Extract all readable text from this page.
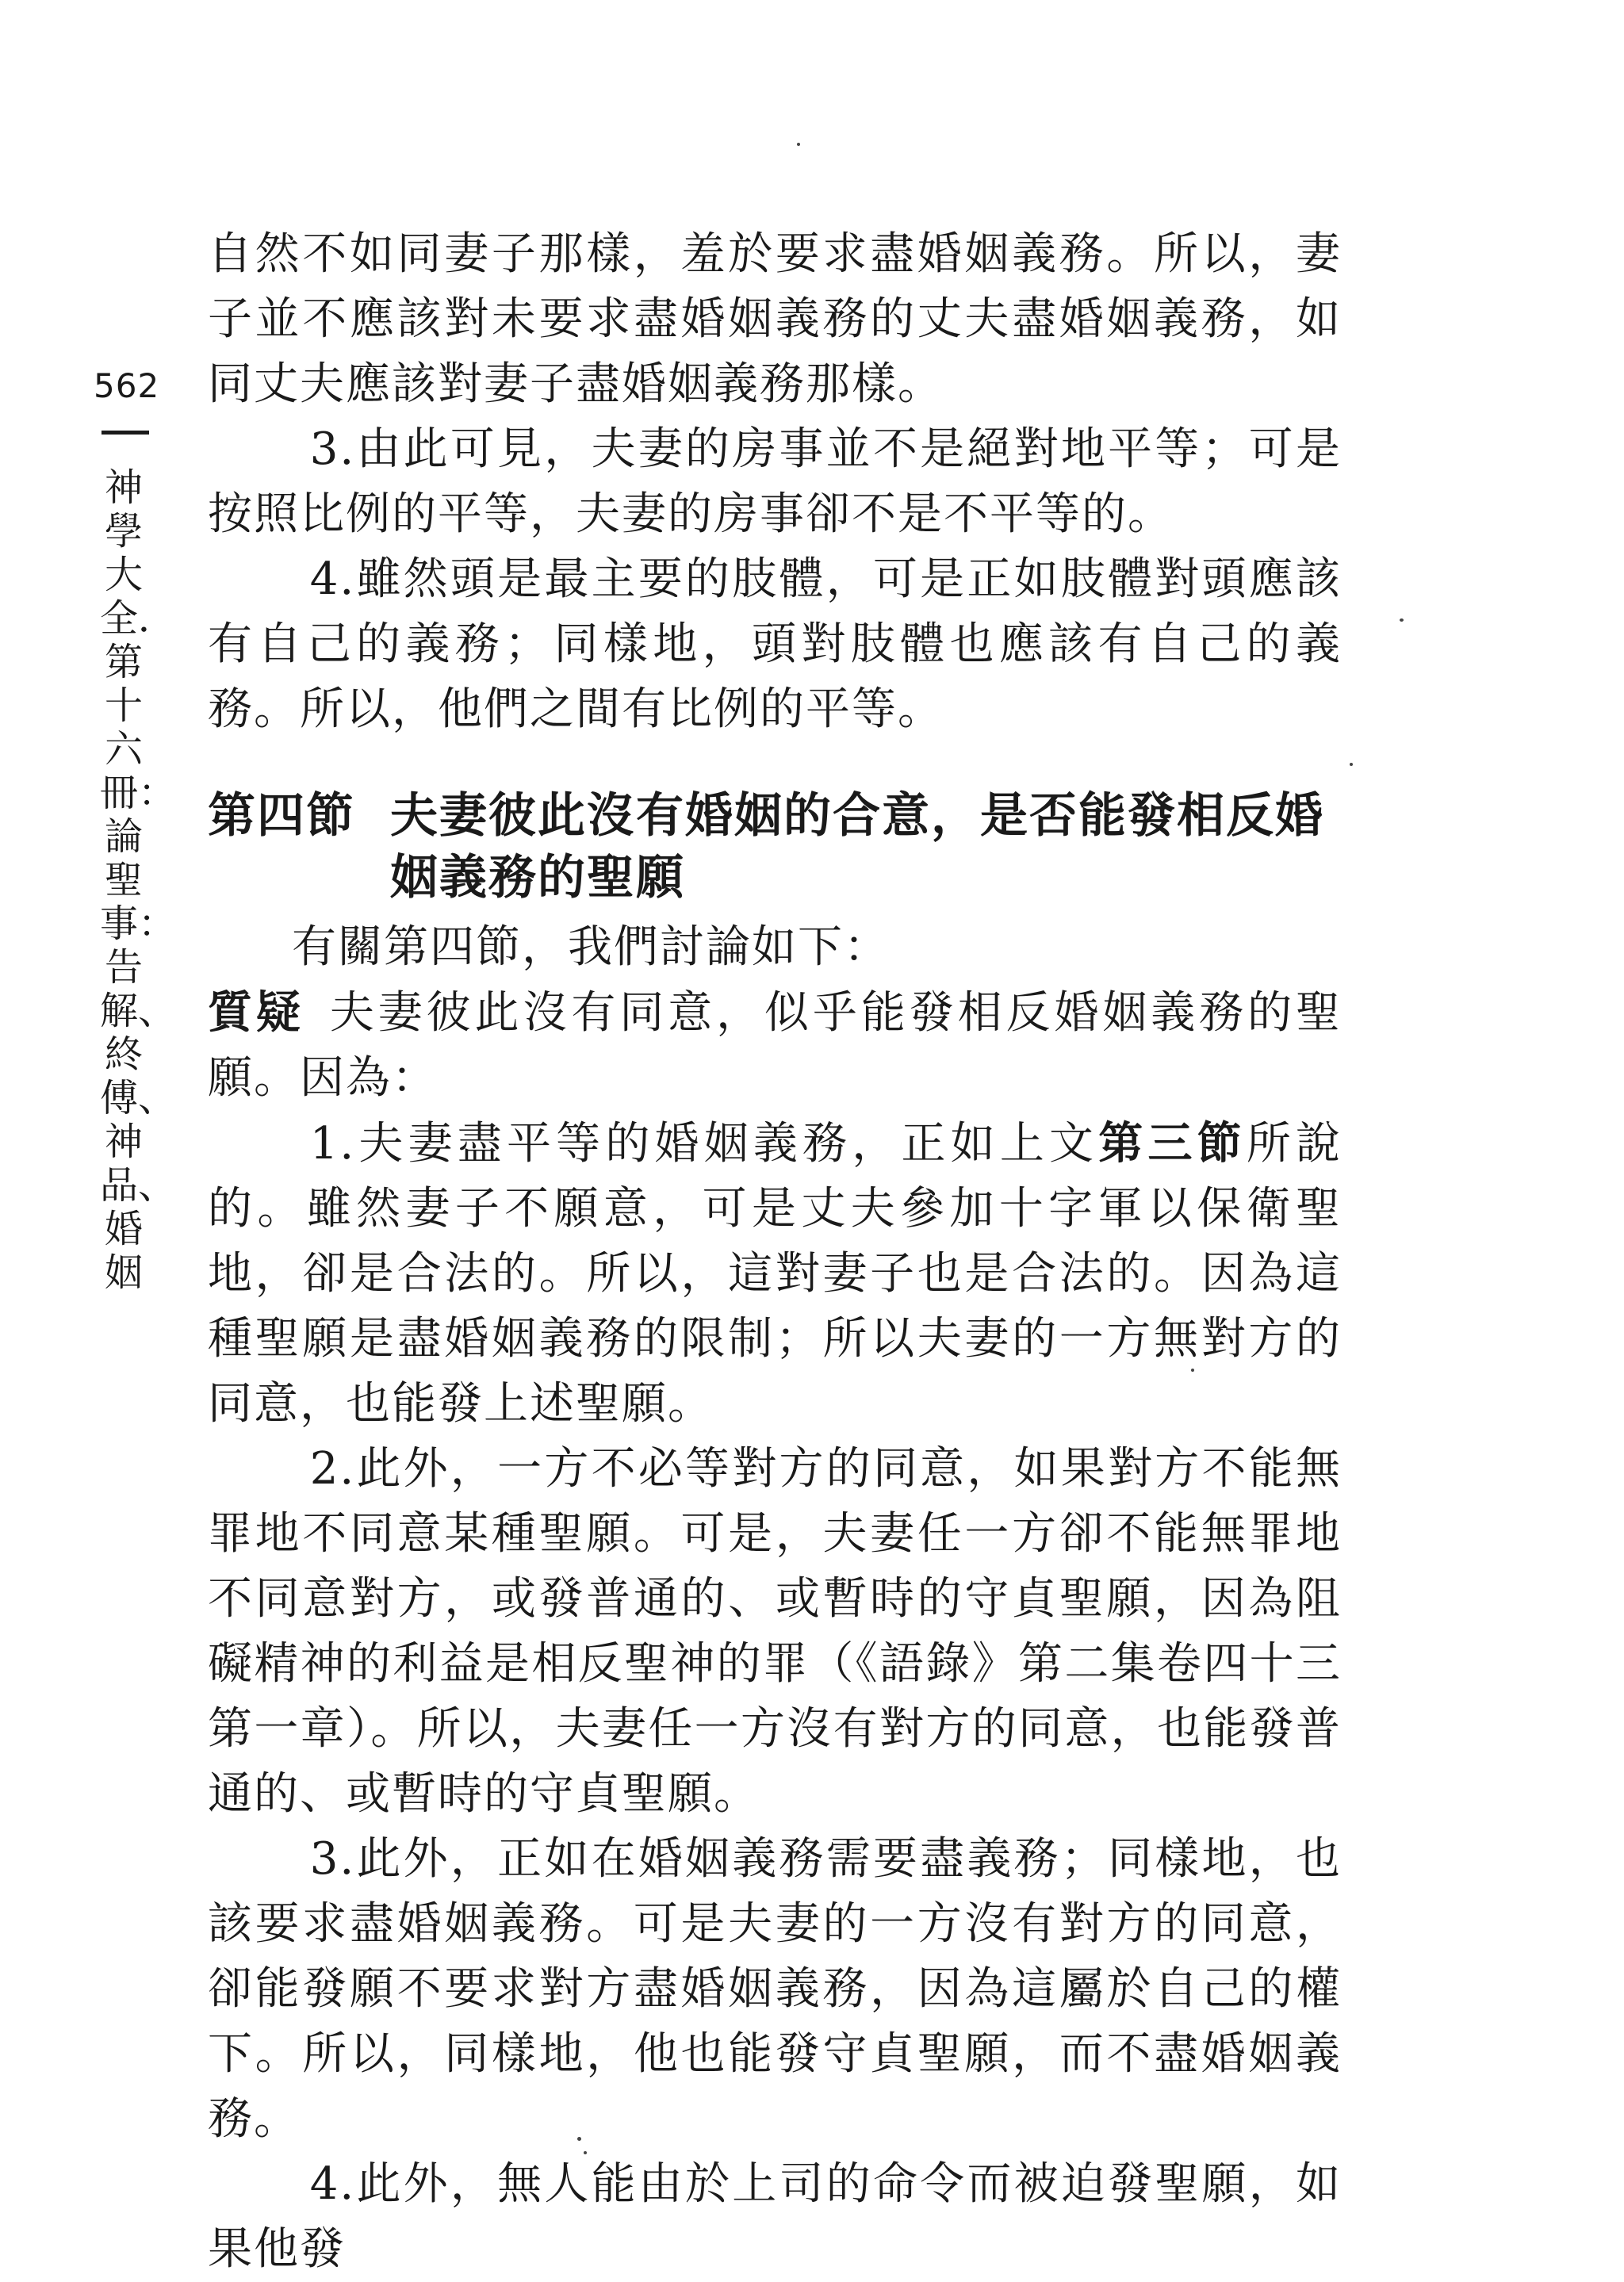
562
神學大全．第十六冊：論聖事：告解、終傅、神品、婚姻

自然不如同妻子那樣，羞於要求盡婚姻義務。所以，妻子並不應該對未要求盡婚姻義務的丈夫盡婚姻義務，如同丈夫應該對妻子盡婚姻義務那樣。

3.由此可見，夫妻的房事並不是絕對地平等；可是按照比例的平等，夫妻的房事卻不是不平等的。

4.雖然頭是最主要的肢體，可是正如肢體對頭應該有自己的義務；同樣地，頭對肢體也應該有自己的義務。所以，他們之間有比例的平等。

第四節 夫妻彼此沒有婚姻的合意，是否能發相反婚姻義務的聖願

有關第四節，我們討論如下：

質疑 夫妻彼此沒有同意，似乎能發相反婚姻義務的聖願。因為：

1.夫妻盡平等的婚姻義務，正如上文第三節所說的。雖然妻子不願意，可是丈夫參加十字軍以保衛聖地，卻是合法的。所以，這對妻子也是合法的。因為這種聖願是盡婚姻義務的限制；所以夫妻的一方無對方的同意，也能發上述聖願。

2.此外，一方不必等對方的同意，如果對方不能無罪地不同意某種聖願。可是，夫妻任一方卻不能無罪地不同意對方，或發普通的、或暫時的守貞聖願，因為阻礙精神的利益是相反聖神的罪（《語錄》第二集卷四十三第一章）。所以，夫妻任一方沒有對方的同意，也能發普通的、或暫時的守貞聖願。

3.此外，正如在婚姻義務需要盡義務；同樣地，也該要求盡婚姻義務。可是夫妻的一方沒有對方的同意，卻能發願不要求對方盡婚姻義務，因為這屬於自己的權下。所以，同樣地，他也能發守貞聖願，而不盡婚姻義務。

4.此外，無人能由於上司的命令而被迫發聖願，如果他發
